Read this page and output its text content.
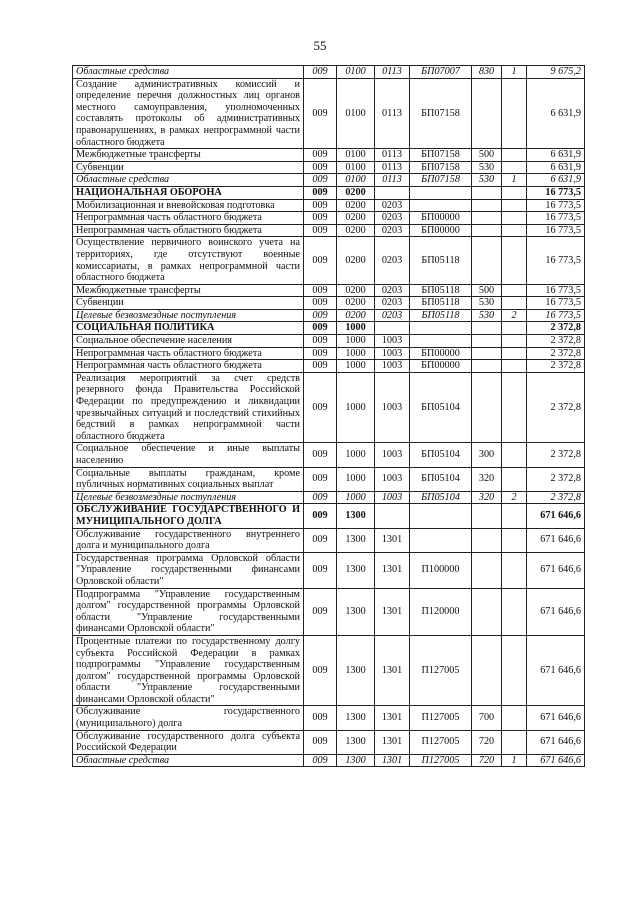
55
Областные средства	009	0100	0113	БП07007	830	1	9 675,2
Создание административных комиссий и определение перечня должностных лиц органов местного самоуправления, уполномоченных составлять протоколы об административных правонарушениях, в рамках непрограммной части областного бюджета	009	0100	0113	БП07158			6 631,9
Межбюджетные трансферты	009	0100	0113	БП07158	500		6 631,9
Субвенции	009	0100	0113	БП07158	530		6 631,9
Областные средства	009	0100	0113	БП07158	530	1	6 631,9
НАЦИОНАЛЬНАЯ ОБОРОНА	009	0200					16 773,5
Мобилизационная и вневойсковая подготовка	009	0200	0203				16 773,5
Непрограммная часть областного бюджета	009	0200	0203	БП00000			16 773,5
Непрограммная часть областного бюджета	009	0200	0203	БП00000			16 773,5
Осуществление первичного воинского учета на территориях, где отсутствуют военные комиссариаты, в рамках непрограммной части областного бюджета	009	0200	0203	БП05118			16 773,5
Межбюджетные трансферты	009	0200	0203	БП05118	500		16 773,5
Субвенции	009	0200	0203	БП05118	530		16 773,5
Целевые безвозмездные поступления	009	0200	0203	БП05118	530	2	16 773,5
СОЦИАЛЬНАЯ ПОЛИТИКА	009	1000					2 372,8
Социальное обеспечение населения	009	1000	1003				2 372,8
Непрограммная часть областного бюджета	009	1000	1003	БП00000			2 372,8
Непрограммная часть областного бюджета	009	1000	1003	БП00000			2 372,8
Реализация мероприятий за счет средств резервного фонда Правительства Российской Федерации по предупреждению и ликвидации чрезвычайных ситуаций и последствий стихийных бедствий в рамках непрограммной части областного бюджета	009	1000	1003	БП05104			2 372,8
Социальное обеспечение и иные выплаты населению	009	1000	1003	БП05104	300		2 372,8
Социальные выплаты гражданам, кроме публичных нормативных социальных выплат	009	1000	1003	БП05104	320		2 372,8
Целевые безвозмездные поступления	009	1000	1003	БП05104	320	2	2 372,8
ОБСЛУЖИВАНИЕ ГОСУДАРСТВЕННОГО И МУНИЦИПАЛЬНОГО ДОЛГА	009	1300					671 646,6
Обслуживание государственного внутреннего долга и муниципального долга	009	1300	1301				671 646,6
Государственная программа Орловской области "Управление государственными финансами Орловской области"	009	1300	1301	П100000			671 646,6
Подпрограмма "Управление государственным долгом" государственной программы Орловской области "Управление государственными финансами Орловской области"	009	1300	1301	П120000			671 646,6
Процентные платежи по государственному долгу субъекта Российской Федерации в рамках подпрограммы "Управление государственным долгом" государственной программы Орловской области "Управление государственными финансами Орловской области"	009	1300	1301	П127005			671 646,6
Обслуживание государственного (муниципального) долга	009	1300	1301	П127005	700		671 646,6
Обслуживание государственного долга субъекта Российской Федерации	009	1300	1301	П127005	720		671 646,6
Областные средства	009	1300	1301	П127005	720	1	671 646,6
